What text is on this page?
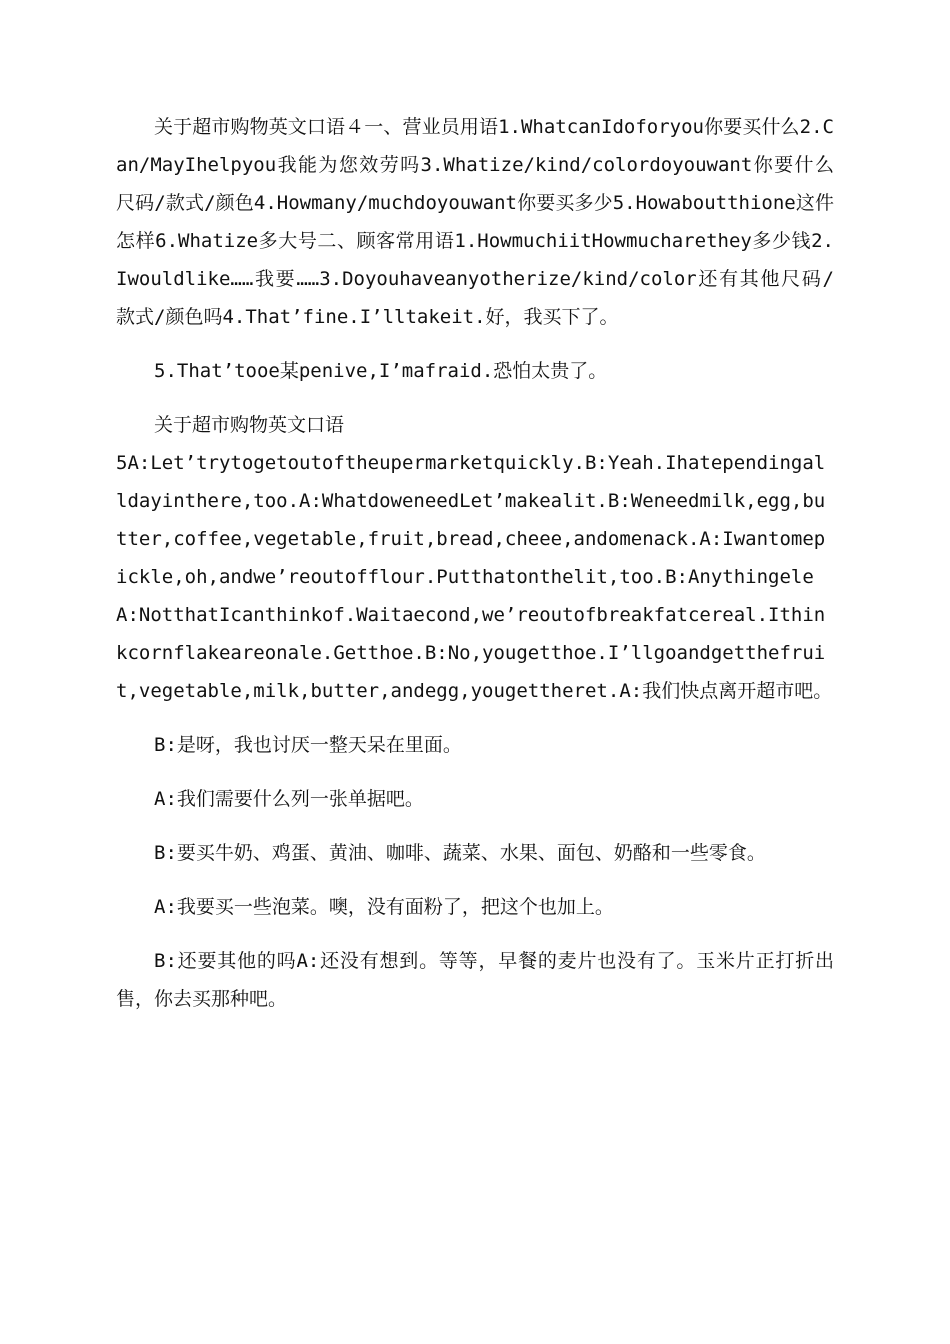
关于超市购物英文口语４一、营业员用语1.WhatcanIdoforyou你要买什么2.Can/MayIhelpyou我能为您效劳吗3.Whatize/kind/colordoyouwant你要什么尺码/款式/颜色4.Howmany/muchdoyouwant你要买多少5.Howaboutthione这件怎样6.Whatize多大号二、顾客常用语1.HowmuchiitHowmucharethey多少钱2.Iwouldlike……我要……3.Doyouhaveanyotherize/kind/color还有其他尺码/款式/颜色吗4.That’fine.I’lltakeit.好，我买下了。

5.That’tooe某penive,I’mafraid.恐怕太贵了。

关于超市购物英文口语

5A:Let’trytogetoutoftheupermarketquickly.B:Yeah.Ihatependingalldayinthere,too.A:WhatdoweneedLet’makealit.B:Weneedmilk,egg,butter,coffee,vegetable,fruit,bread,cheee,andomenack.A:Iwantomepickle,oh,andwe’reoutofflour.Putthatonthelit,too.B:AnythingeleA:NotthatIcanthinkof.Waitaecond,we’reoutofbreakfatcereal.Ithinkcornflakeareonale.Getthoe.B:No,yougetthoe.I’llgoandgetthefruit,vegetable,milk,butter,andegg,yougettheret.A:我们快点离开超市吧。

B:是呀，我也讨厌一整天呆在里面。

A:我们需要什么列一张单据吧。

B:要买牛奶、鸡蛋、黄油、咖啡、蔬菜、水果、面包、奶酪和一些零食。

A:我要买一些泡菜。噢，没有面粉了，把这个也加上。

B:还要其他的吗A:还没有想到。等等，早餐的麦片也没有了。玉米片正打折出售，你去买那种吧。
